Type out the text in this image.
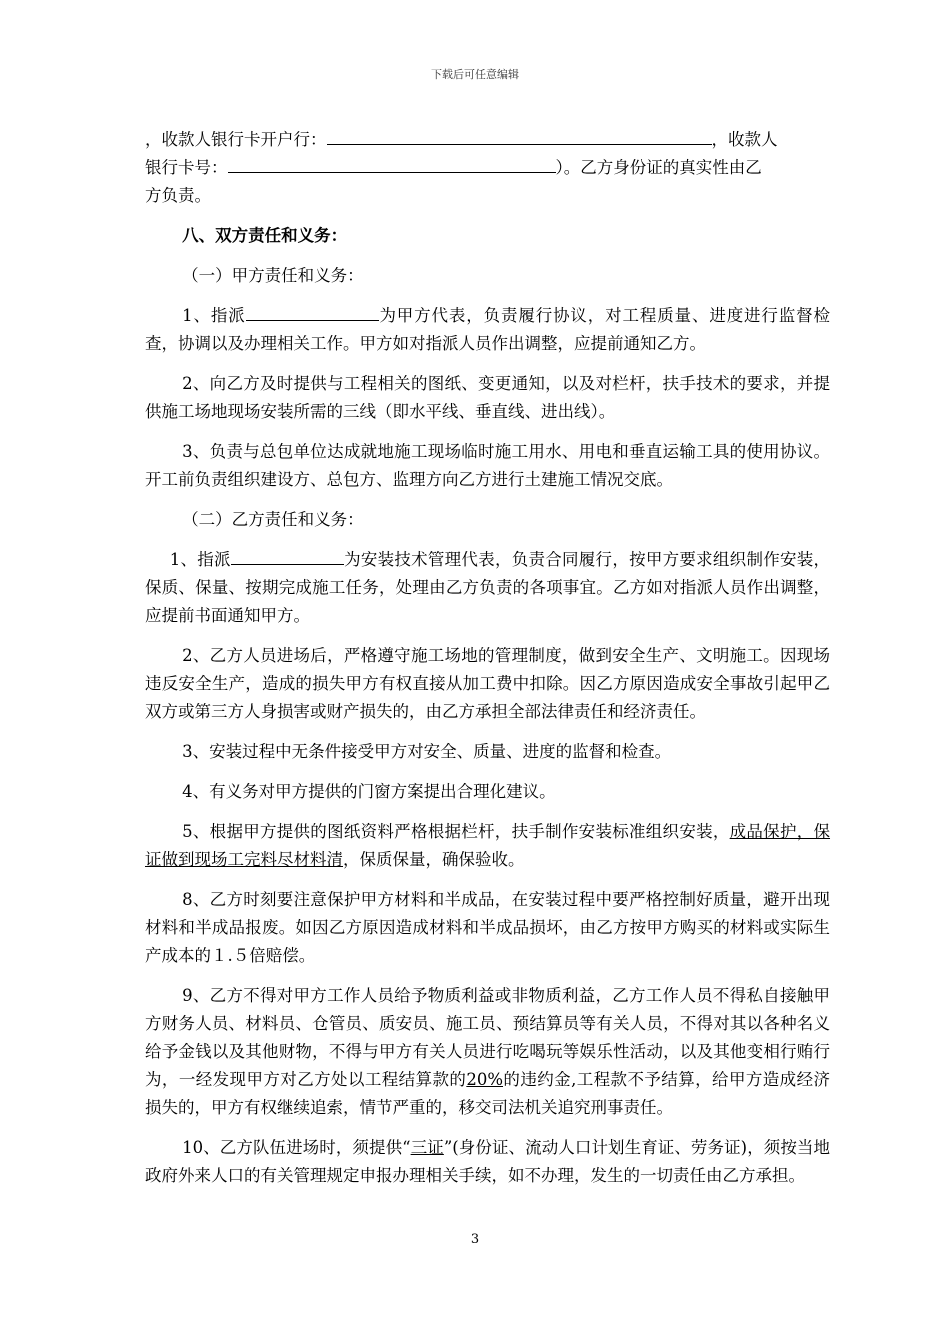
下载后可任意编辑

，收款人银行卡开户行：	，收款人
银行卡号：	）。乙方身份证的真实性由乙
方负责。

八、双方责任和义务：

（一）甲方责任和义务：

1、指派	为甲方代表，负责履行协议，对工程质量、进度进行监督检查，协调以及办理相关工作。甲方如对指派人员作出调整，应提前通知乙方。

2、向乙方及时提供与工程相关的图纸、变更通知，以及对栏杆，扶手技术的要求，并提供施工场地现场安装所需的三线（即水平线、垂直线、进出线）。

3、负责与总包单位达成就地施工现场临时施工用水、用电和垂直运输工具的使用协议。开工前负责组织建设方、总包方、监理方向乙方进行土建施工情况交底。

（二）乙方责任和义务：

1、指派	为安装技术管理代表，负责合同履行，按甲方要求组织制作安装，保质、保量、按期完成施工任务，处理由乙方负责的各项事宜。乙方如对指派人员作出调整，应提前书面通知甲方。

2、乙方人员进场后，严格遵守施工场地的管理制度，做到安全生产、文明施工。因现场违反安全生产，造成的损失甲方有权直接从加工费中扣除。因乙方原因造成安全事故引起甲乙双方或第三方人身损害或财产损失的，由乙方承担全部法律责任和经济责任。

3、安装过程中无条件接受甲方对安全、质量、进度的监督和检查。

4、有义务对甲方提供的门窗方案提出合理化建议。

5、根据甲方提供的图纸资料严格根据栏杆，扶手制作安装标准组织安装，成品保护，保证做到现场工完料尽材料清，保质保量，确保验收。

8、乙方时刻要注意保护甲方材料和半成品，在安装过程中要严格控制好质量，避开出现材料和半成品报废。如因乙方原因造成材料和半成品损坏，由乙方按甲方购买的材料或实际生产成本的１.５倍赔偿。

9、乙方不得对甲方工作人员给予物质利益或非物质利益，乙方工作人员不得私自接触甲方财务人员、材料员、仓管员、质安员、施工员、预结算员等有关人员，不得对其以各种名义给予金钱以及其他财物，不得与甲方有关人员进行吃喝玩等娱乐性活动，以及其他变相行贿行为，一经发现甲方对乙方处以工程结算款的20%的违约金,工程款不予结算，给甲方造成经济损失的，甲方有权继续追索，情节严重的，移交司法机关追究刑事责任。

10、乙方队伍进场时，须提供“三证”(身份证、流动人口计划生育证、劳务证)，须按当地政府外来人口的有关管理规定申报办理相关手续，如不办理，发生的一切责任由乙方承担。

3
